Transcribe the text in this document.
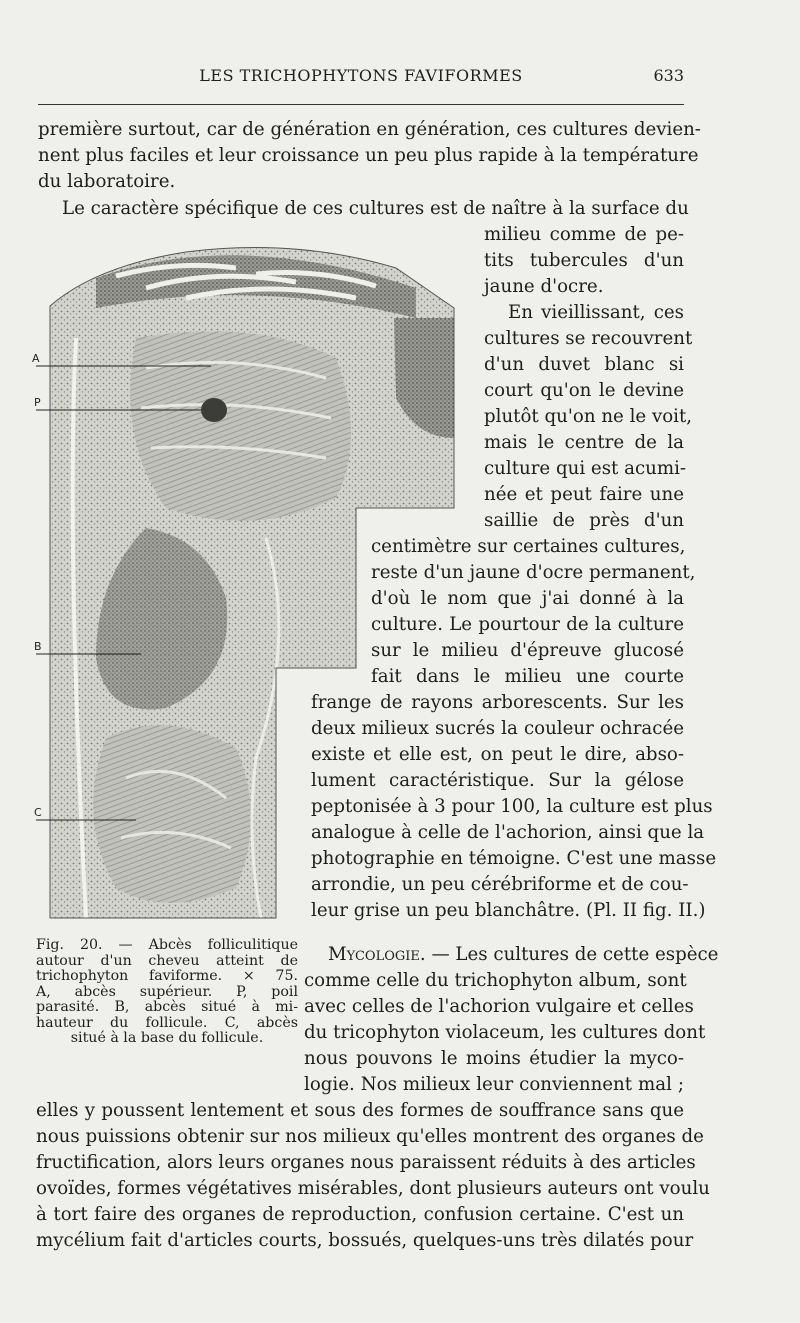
LES TRICHOPHYTONS FAVIFORMES	633
première surtout, car de génération en génération, ces cultures devien-
nent plus faciles et leur croissance un peu plus rapide à la température
du laboratoire.
Le caractère spécifique de ces cultures est de naître à la surface du
milieu comme de pe-
tits tubercules d'un
jaune d'ocre.
En vieillissant, ces
cultures se recouvrent
d'un duvet blanc si
court qu'on le devine
plutôt qu'on ne le voit,
mais le centre de la
culture qui est acumi-
née et peut faire une
saillie de près d'un
centimètre sur certaines cultures,
reste d'un jaune d'ocre permanent,
d'où le nom que j'ai donné à la
culture. Le pourtour de la culture
sur le milieu d'épreuve glucosé
fait dans le milieu une courte
frange de rayons arborescents. Sur les
deux milieux sucrés la couleur ochracée
existe et elle est, on peut le dire, abso-
lument caractéristique. Sur la gélose
peptonisée à 3 pour 100, la culture est plus
analogue à celle de l'achorion, ainsi que la
photographie en témoigne. C'est une masse
arrondie, un peu cérébriforme et de cou-
leur grise un peu blanchâtre. (Pl. II fig. II.)
Mycologie. — Les cultures de cette espèce
comme celle du trichophyton album, sont
avec celles de l'achorion vulgaire et celles
du tricophyton violaceum, les cultures dont
nous pouvons le moins étudier la myco-
logie. Nos milieux leur conviennent mal ;
elles y poussent lentement et sous des formes de souffrance sans que
nous puissions obtenir sur nos milieux qu'elles montrent des organes de
fructification, alors leurs organes nous paraissent réduits à des articles
ovoïdes, formes végétatives misérables, dont plusieurs auteurs ont voulu
à tort faire des organes de reproduction, confusion certaine. C'est un
mycélium fait d'articles courts, bossués, quelques-uns très dilatés pour
A
P
B
C
Fig. 20. — Abcès folliculitique
autour d'un cheveu atteint de
trichophyton faviforme. × 75.
A, abcès supérieur. P, poil
parasité. B, abcès situé à mi-
hauteur du follicule. C, abcès
situé à la base du follicule.
